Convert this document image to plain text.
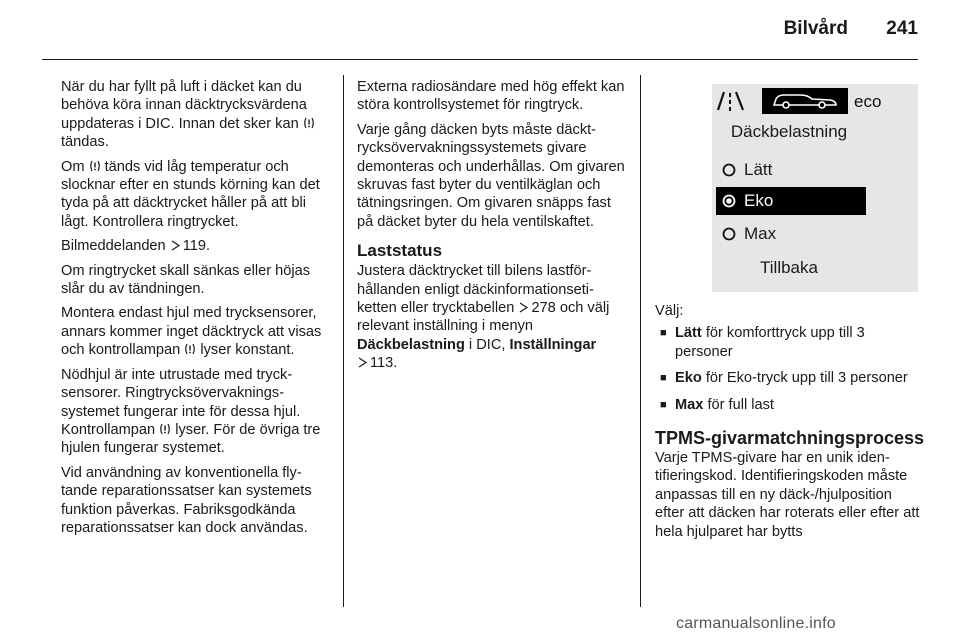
Bilvård 241

När du har fyllt på luft i däcket kan du behöva köra innan däcktrycksvärdena uppdateras i DIC. Innan det sker kan  tändas.

Om  tänds vid låg temperatur och slocknar efter en stunds körning kan det tyda på att däcktrycket håller på att bli lågt. Kontrollera ringtrycket.

Bilmeddelanden 119.

Om ringtrycket skall sänkas eller höjas slår du av tändningen.

Montera endast hjul med trycksensorer, annars kommer inget däcktryck att visas och kontrollampan  lyser konstant.

Nödhjul är inte utrustade med trycksensorer. Ringtrycksövervakningssystemet fungerar inte för dessa hjul. Kontrollampan  lyser. För de övriga tre hjulen fungerar systemet.

Vid användning av konventionella flytande reparationssatser kan systemets funktion påverkas. Fabriksgodkända reparationssatser kan dock användas.

Externa radiosändare med hög effekt kan störa kontrollsystemet för ringtryck.

Varje gång däcken byts måste däcktrycksövervakningssystemets givare demonteras och underhållas. Om givaren skruvas fast byter du ventilkäglan och tätningsringen. Om givaren snäpps fast på däcket byter du hela ventilskaftet.

Laststatus

Justera däcktrycket till bilens lastförhållanden enligt däckinformationsetiketten eller trycktabellen 278 och välj relevant inställning i menyn Däckbelastning i DIC, Inställningar
113.

eco
Däckbelastning
Lätt
Eko
Max
Tillbaka

Välj:

■ Lätt för komforttryck upp till 3 personer
■ Eko för Eko-tryck upp till 3 personer
■ Max för full last
TPMS-givarmatchningsprocess

Varje TPMS-givare har en unik identifieringskod. Identifieringskoden måste anpassas till en ny däck-/hjulposition efter att däcken har roterats eller efter att hela hjulparet har bytts

carmanualsonline.info
